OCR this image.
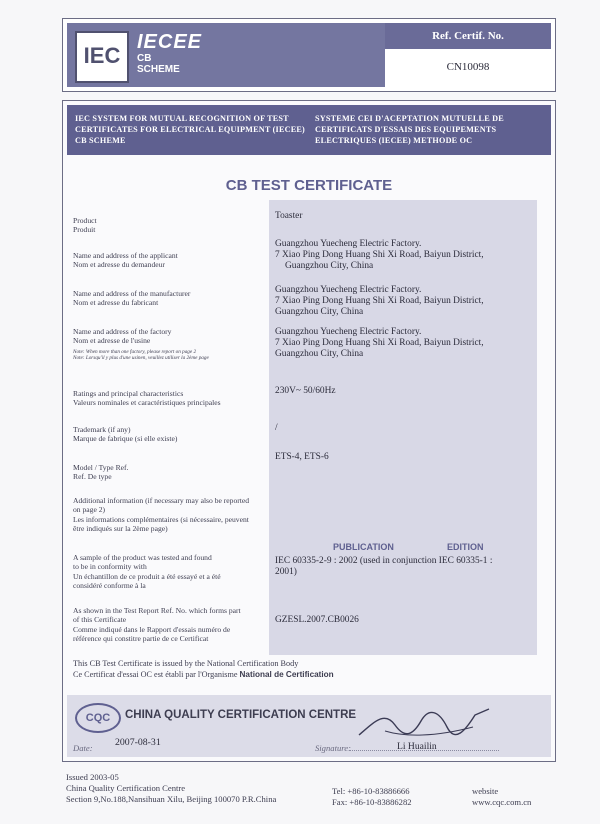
IEC
IECEE
CB
SCHEME
Ref. Certif. No.
CN10098
IEC SYSTEM FOR MUTUAL RECOGNITION OF TEST CERTIFICATES FOR ELECTRICAL EQUIPMENT (IECEE) CB SCHEME
SYSTEME CEI D'ACEPTATION MUTUELLE DE CERTIFICATS D'ESSAIS DES EQUIPEMENTS ELECTRIQUES (IECEE) METHODE OC
CB TEST CERTIFICATE
Product
Produit
Toaster
Name and address of the applicant
Nom et adresse du demandeur
Guangzhou Yuecheng Electric Factory.
7 Xiao Ping Dong Huang Shi Xi Road, Baiyun District,
Guangzhou City, China
Name and address of the manufacturer
Nom et adresse du fabricant
Guangzhou Yuecheng Electric Factory.
7 Xiao Ping Dong Huang Shi Xi Road, Baiyun District,
Guangzhou City, China
Name and address of the factory
Nom et adresse de l'usine
Note: When more than one factory, please report on page 2
Note: Lorsqu'il y plus d'une usinen, veuillez utiliser la 2ème page
Guangzhou Yuecheng Electric Factory.
7 Xiao Ping Dong Huang Shi Xi Road, Baiyun District,
Guangzhou City, China
Ratings and principal characteristics
Valeurs nominales et caractéristiques principales
230V~ 50/60Hz
Trademark (if any)
Marque de fabrique (si elle existe)
/
Model / Type Ref.
Ref. De type
ETS-4, ETS-6
Additional information (if necessary may also be reported
on page 2)
Les informations complémentaires (si nécessaire, peuvent
être indiqués sur la 2ème page)
PUBLICATION	EDITION
A sample of the product was tested and found
to be in conformity with
Un échantillon de ce produit a été essayé et a été
considéré conforme à la
IEC 60335-2-9 : 2002 (used in conjunction IEC 60335-1 :
2001)
As shown in the Test Report Ref. No. which forms part
of this Certificate
Comme indiqué dans le Rapport d'essais numéro de
référence qui constitre partie de ce Certificat
GZESL.2007.CB0026
This CB Test Certificate is issued by the National Certification Body
Ce Certificat d'essai OC est établi par l'Organisme National de Certification
CQC	CHINA QUALITY CERTIFICATION CENTRE
Date: 2007-08-31	Signature:	Li Huailin
Issued 2003-05
China Quality Certification Centre
Section 9,No.188,Nansihuan Xilu, Beijing 100070 P.R.China
Tel: +86-10-83886666
Fax: +86-10-83886282
website
www.cqc.com.cn
